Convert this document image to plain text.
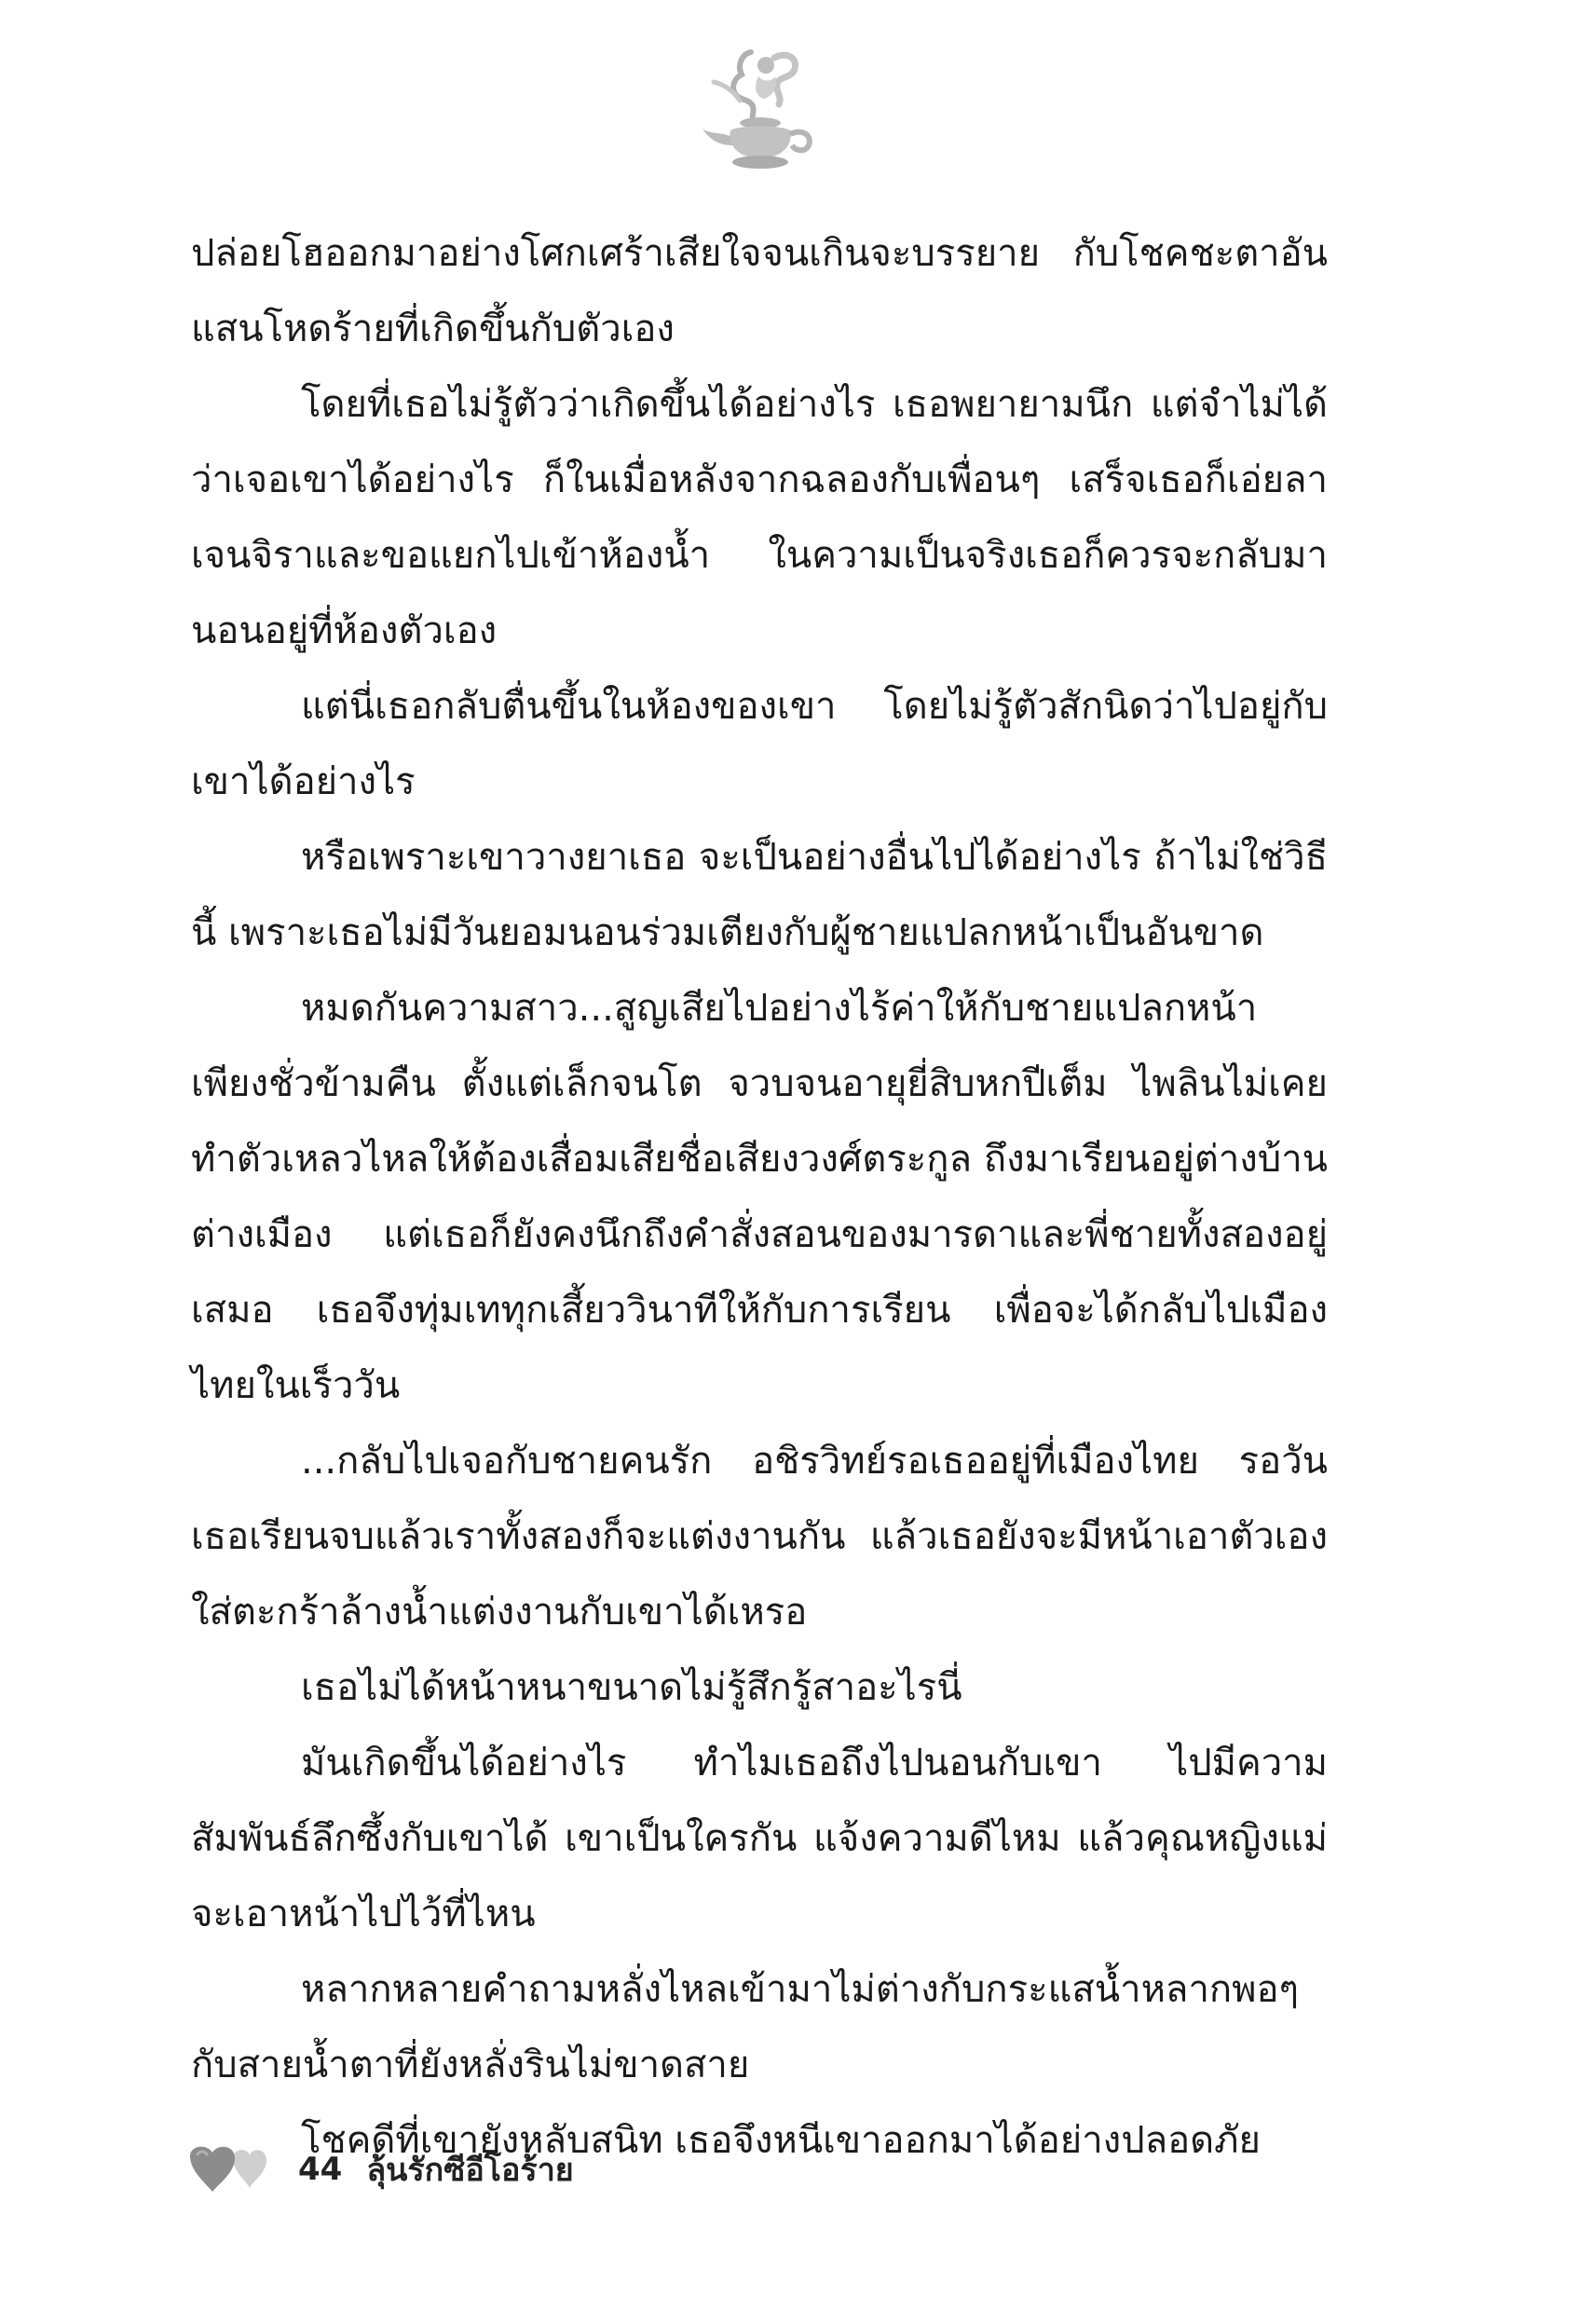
ปล่อยโฮออกมาอย่างโศกเศร้าเสียใจจนเกินจะบรรยาย กับโชคชะตาอันแสนโหดร้ายที่เกิดขึ้นกับตัวเอง

โดยที่เธอไม่รู้ตัวว่าเกิดขึ้นได้อย่างไร เธอพยายามนึก แต่จำไม่ได้ว่าเจอเขาได้อย่างไร ก็ในเมื่อหลังจากฉลองกับเพื่อนๆ เสร็จเธอก็เอ่ยลาเจนจิราและขอแยกไปเข้าห้องน้ำ ในความเป็นจริงเธอก็ควรจะกลับมานอนอยู่ที่ห้องตัวเอง

แต่นี่เธอกลับตื่นขึ้นในห้องของเขา โดยไม่รู้ตัวสักนิดว่าไปอยู่กับเขาได้อย่างไร

หรือเพราะเขาวางยาเธอ จะเป็นอย่างอื่นไปได้อย่างไร ถ้าไม่ใช่วิธีนี้ เพราะเธอไม่มีวันยอมนอนร่วมเตียงกับผู้ชายแปลกหน้าเป็นอันขาด

หมดกันความสาว...สูญเสียไปอย่างไร้ค่าให้กับชายแปลกหน้าเพียงชั่วข้ามคืน ตั้งแต่เล็กจนโต จวบจนอายุยี่สิบหกปีเต็ม ไพลินไม่เคยทำตัวเหลวไหลให้ต้องเสื่อมเสียชื่อเสียงวงศ์ตระกูล ถึงมาเรียนอยู่ต่างบ้านต่างเมือง แต่เธอก็ยังคงนึกถึงคำสั่งสอนของมารดาและพี่ชายทั้งสองอยู่เสมอ เธอจึงทุ่มเททุกเสี้ยววินาทีให้กับการเรียน เพื่อจะได้กลับไปเมืองไทยในเร็ววัน

...กลับไปเจอกับชายคนรัก อชิรวิทย์รอเธออยู่ที่เมืองไทย รอวันเธอเรียนจบแล้วเราทั้งสองก็จะแต่งงานกัน แล้วเธอยังจะมีหน้าเอาตัวเองใส่ตะกร้าล้างน้ำแต่งงานกับเขาได้เหรอ

เธอไม่ได้หน้าหนาขนาดไม่รู้สึกรู้สาอะไรนี่

มันเกิดขึ้นได้อย่างไร ทำไมเธอถึงไปนอนกับเขา ไปมีความสัมพันธ์ลึกซึ้งกับเขาได้ เขาเป็นใครกัน แจ้งความดีไหม แล้วคุณหญิงแม่จะเอาหน้าไปไว้ที่ไหน

หลากหลายคำถามหลั่งไหลเข้ามาไม่ต่างกับกระแสน้ำหลากพอๆ กับสายน้ำตาที่ยังหลั่งรินไม่ขาดสาย

โชคดีที่เขายังหลับสนิท เธอจึงหนีเขาออกมาได้อย่างปลอดภัย

44 ลุ้นรักซีอีโอร้าย
